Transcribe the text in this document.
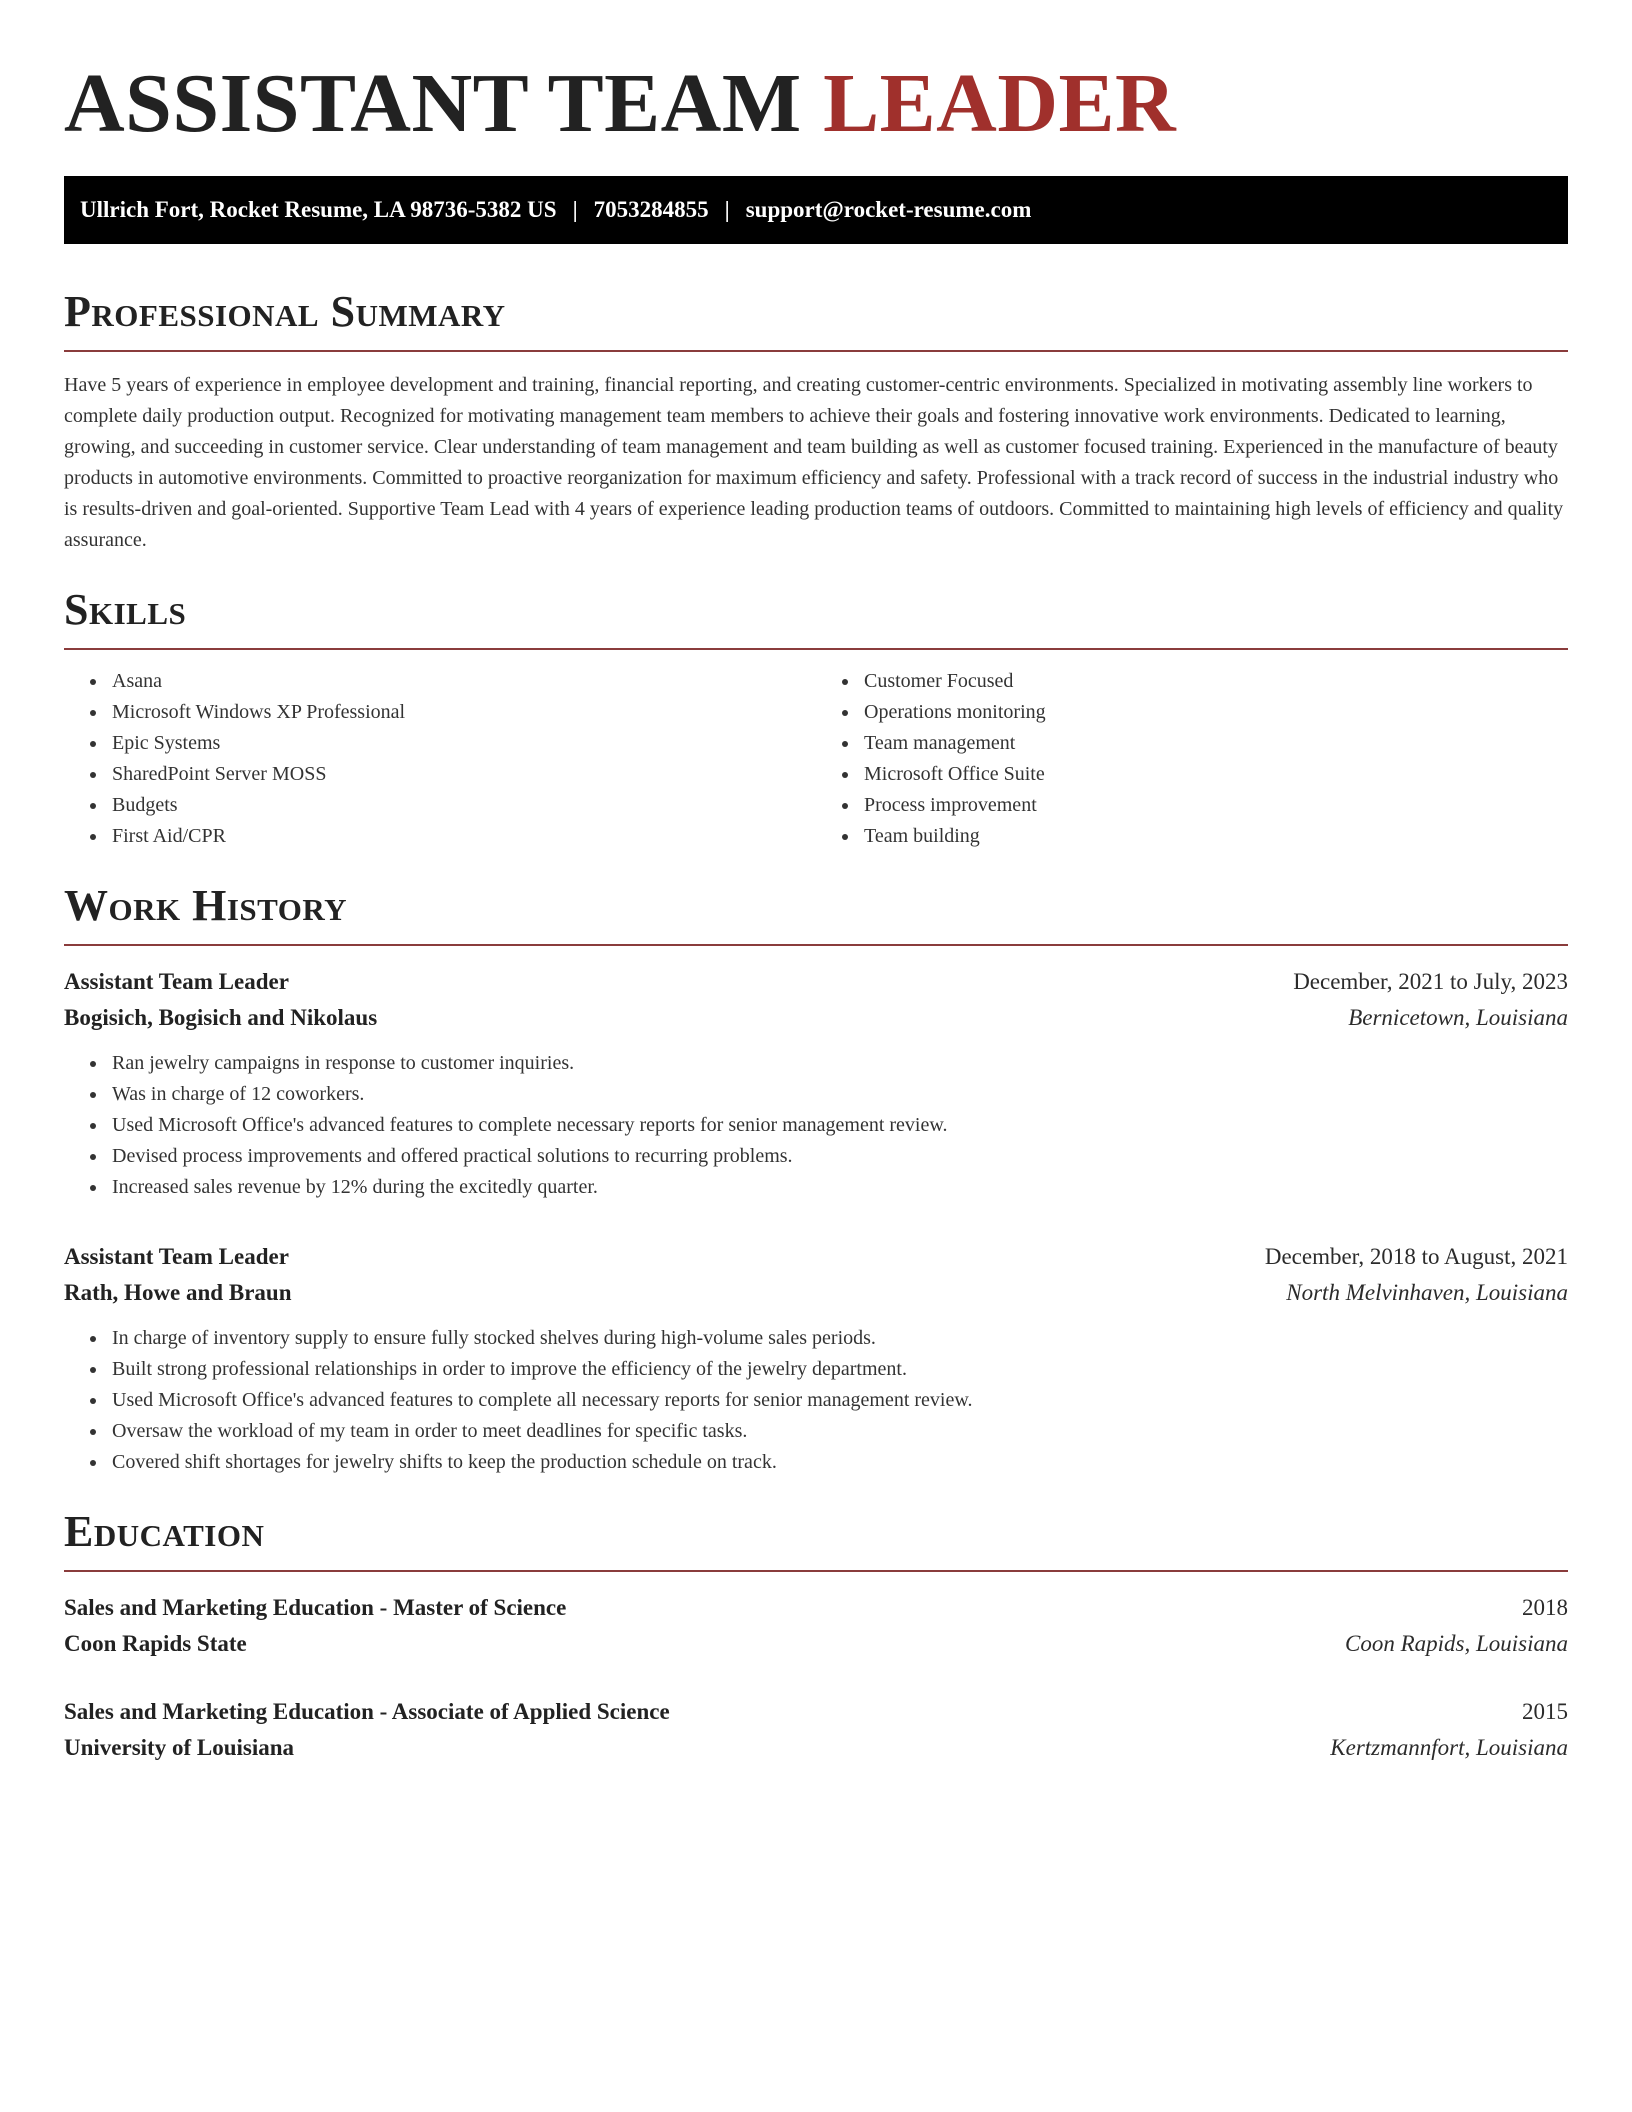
ASSISTANT TEAM LEADER
Ullrich Fort, Rocket Resume, LA 98736-5382 US | 7053284855 | support@rocket-resume.com
Professional Summary

Have 5 years of experience in employee development and training, financial reporting, and creating customer-centric environments. Specialized in motivating assembly line workers to complete daily production output. Recognized for motivating management team members to achieve their goals and fostering innovative work environments. Dedicated to learning, growing, and succeeding in customer service. Clear understanding of team management and team building as well as customer focused training. Experienced in the manufacture of beauty products in automotive environments. Committed to proactive reorganization for maximum efficiency and safety. Professional with a track record of success in the industrial industry who is results-driven and goal-oriented. Supportive Team Lead with 4 years of experience leading production teams of outdoors. Committed to maintaining high levels of efficiency and quality assurance.

Skills
• Asana
• Microsoft Windows XP Professional
• Epic Systems
• SharedPoint Server MOSS
• Budgets
• First Aid/CPR
• Customer Focused
• Operations monitoring
• Team management
• Microsoft Office Suite
• Process improvement
• Team building
Work History
Assistant Team Leader	December, 2021 to July, 2023
Bogisich, Bogisich and Nikolaus	Bernicetown, Louisiana
• Ran jewelry campaigns in response to customer inquiries.
• Was in charge of 12 coworkers.
• Used Microsoft Office's advanced features to complete necessary reports for senior management review.
• Devised process improvements and offered practical solutions to recurring problems.
• Increased sales revenue by 12% during the excitedly quarter.
Assistant Team Leader	December, 2018 to August, 2021
Rath, Howe and Braun	North Melvinhaven, Louisiana
• In charge of inventory supply to ensure fully stocked shelves during high-volume sales periods.
• Built strong professional relationships in order to improve the efficiency of the jewelry department.
• Used Microsoft Office's advanced features to complete all necessary reports for senior management review.
• Oversaw the workload of my team in order to meet deadlines for specific tasks.
• Covered shift shortages for jewelry shifts to keep the production schedule on track.
Education
Sales and Marketing Education - Master of Science	2018
Coon Rapids State	Coon Rapids, Louisiana
Sales and Marketing Education - Associate of Applied Science	2015
University of Louisiana	Kertzmannfort, Louisiana
